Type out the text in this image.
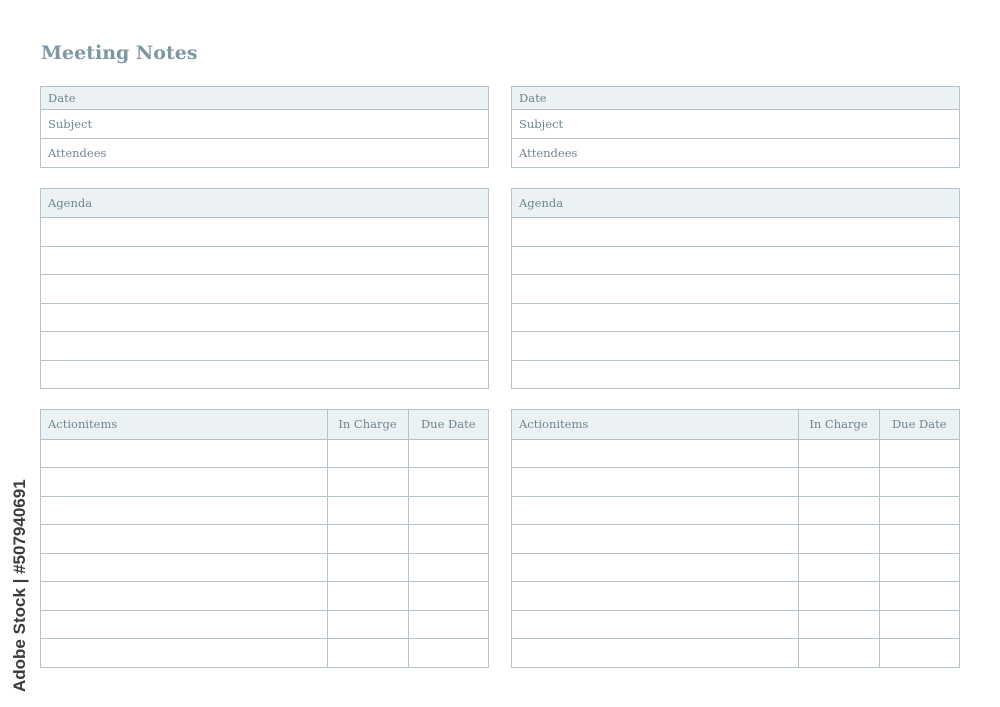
Meeting Notes
Date
Subject
Attendees
Agenda
Actionitems	In Charge	Due Date

Date
Subject
Attendees
Agenda
Actionitems	In Charge	Due Date

Adobe Stock | #507940691
